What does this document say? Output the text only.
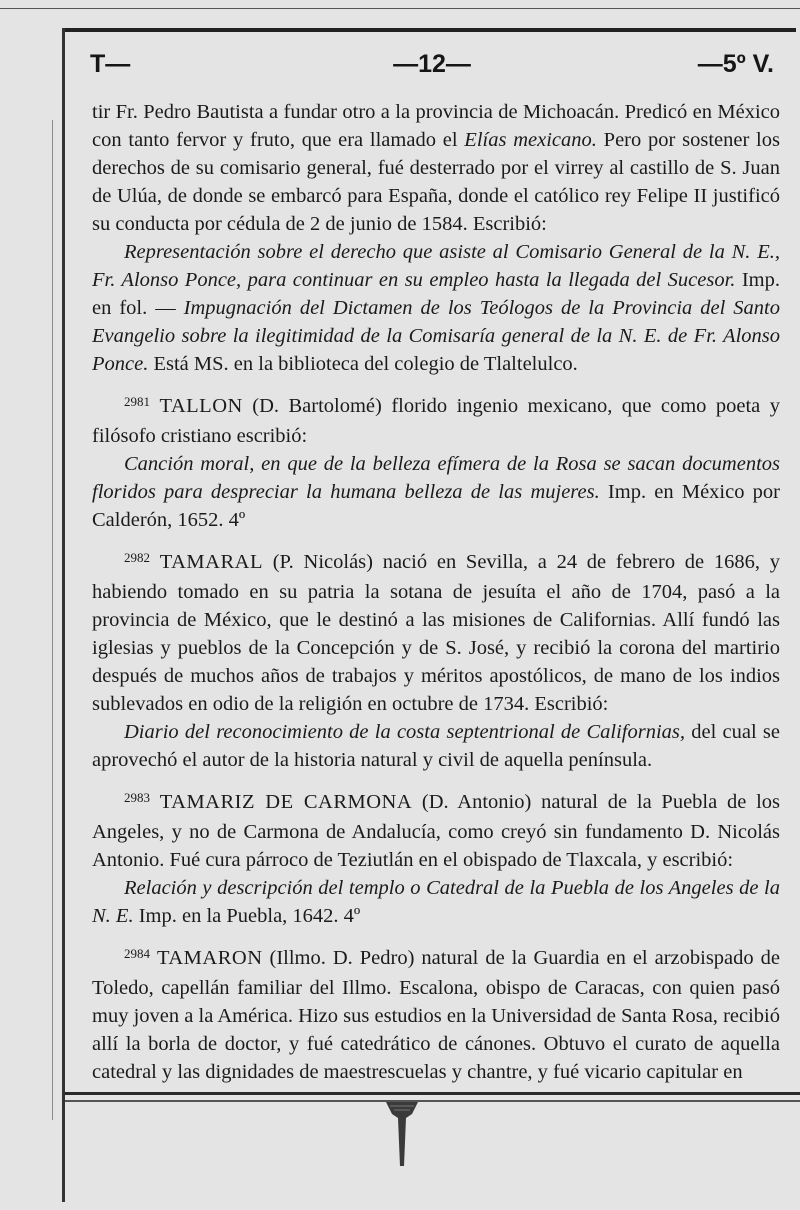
T—	—12—	—5º V.

tir Fr. Pedro Bautista a fundar otro a la provincia de Michoacán. Predicó en México con tanto fervor y fruto, que era llamado el Elías mexicano. Pero por sostener los derechos de su comisario general, fué desterrado por el virrey al castillo de S. Juan de Ulúa, de donde se embarcó para España, donde el católico rey Felipe II justificó su conducta por cédula de 2 de junio de 1584. Escribió:

Representación sobre el derecho que asiste al Comisario General de la N. E., Fr. Alonso Ponce, para continuar en su empleo hasta la llegada del Sucesor. Imp. en fol. — Impugnación del Dictamen de los Teólogos de la Provincia del Santo Evangelio sobre la ilegitimidad de la Comisaría general de la N. E. de Fr. Alonso Ponce. Está MS. en la biblioteca del colegio de Tlaltelulco.

$^{2981}$ TALLON (D. Bartolomé) florido ingenio mexicano, que como poeta y filósofo cristiano escribió:

Canción moral, en que de la belleza efímera de la Rosa se sacan documentos floridos para despreciar la humana belleza de las mujeres. Imp. en México por Calderón, 1652. 4º

$^{2982}$ TAMARAL (P. Nicolás) nació en Sevilla, a 24 de febrero de 1686, y habiendo tomado en su patria la sotana de jesuíta el año de 1704, pasó a la provincia de México, que le destinó a las misiones de Californias. Allí fundó las iglesias y pueblos de la Concepción y de S. José, y recibió la corona del martirio después de muchos años de trabajos y méritos apostólicos, de mano de los indios sublevados en odio de la religión en octubre de 1734. Escribió:

Diario del reconocimiento de la costa septentrional de Californias, del cual se aprovechó el autor de la historia natural y civil de aquella península.

$^{2983}$ TAMARIZ DE CARMONA (D. Antonio) natural de la Puebla de los Angeles, y no de Carmona de Andalucía, como creyó sin fundamento D. Nicolás Antonio. Fué cura párroco de Teziutlán en el obispado de Tlaxcala, y escribió:

Relación y descripción del templo o Catedral de la Puebla de los Angeles de la N. E. Imp. en la Puebla, 1642. 4º

$^{2984}$ TAMARON (Illmo. D. Pedro) natural de la Guardia en el arzobispado de Toledo, capellán familiar del Illmo. Escalona, obispo de Caracas, con quien pasó muy joven a la América. Hizo sus estudios en la Universidad de Santa Rosa, recibió allí la borla de doctor, y fué catedrático de cánones. Obtuvo el curato de aquella catedral y las dignidades de maestrescuelas y chantre, y fué vicario capitular en
